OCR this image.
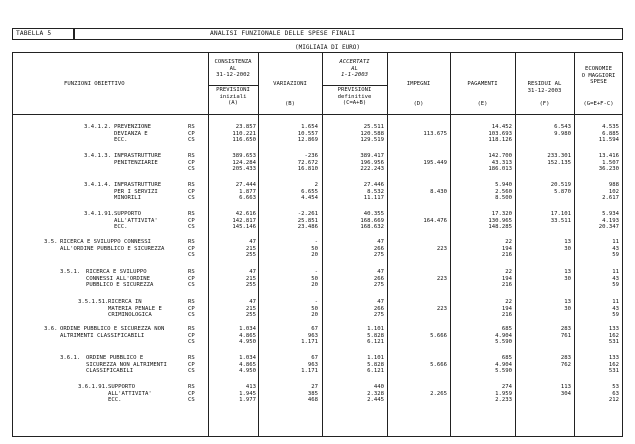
TABELLA 5	ANALISI FUNZIONALE DELLE SPESE FINALI
(MIGLIAIA DI EURO)
FUNZIONI OBIETTIVO
CONSISTENZA
AL
31-12-2002
PREVISIONI
iniziali
(A)
VARIAZIONI
(B)
ACCERTATI
AL
1-1-2003
PREVISIONI
definitive
(C=A+B)
IMPEGNI
(D)
PAGAMENTI
(E)
RESIDUI AL
31-12-2003
(F)
ECONOMIE
O MAGGIORI
SPESE
(G=E+F-C)
3.4.1.2. PREVENZIONE
DEVIANZA E
ECC.
RS
CP
CS
23.857
110.221
116.650
1.654
10.557
12.869
25.511
120.588
129.519
113.675
14.452
103.693
118.126
6.543
9.980
4.535
6.885
11.594
3.4.1.3. INFRASTRUTTURE
PENITENZIARIE
RS
CP
CS
389.653
124.284
205.433
-236
72.672
16.810
389.417
196.956
222.243
195.449
142.700
43.313
186.013
233.301
152.135
13.416
1.507
36.230
3.4.1.4. INFRASTRUTTURE
PER I SERVIZI
MINORILI
RS
CP
CS
27.444
1.877
6.663
2
6.655
4.454
27.446
8.532
11.117
8.430
5.940
2.560
8.500
20.519
5.870
988
102
2.617
3.4.1.91. SUPPORTO
ALL'ATTIVITA'
ECC.
RS
CP
CS
42.616
142.817
145.146
-2.261
25.851
23.486
40.355
168.669
168.632
164.476
17.320
130.965
148.285
17.101
33.511
5.934
4.193
20.347
3.5. RICERCA E SVILUPPO CONNESSI
ALL'ORDINE PUBBLICO E SICUREZZA
RS
CP
CS
47
215
255
-
50
20
47
266
275
223
22
194
216
13
30
11
43
59
3.5.1. RICERCA E SVILUPPO
CONNESSI ALL'ORDINE
PUBBLICO E SICUREZZA
RS
CP
CS
47
215
255
-
50
20
47
266
275
223
22
194
216
13
30
11
43
59
3.5.1.51. RICERCA IN
MATERIA PENALE E
CRIMINOLOGICA
RS
CP
CS
47
215
255
-
50
20
47
266
275
223
22
194
216
13
30
11
43
59
3.6. ORDINE PUBBLICO E SICUREZZA NON
ALTRIMENTI CLASSIFICABILI
RS
CP
CS
1.034
4.865
4.950
67
963
1.171
1.101
5.828
6.121
5.666
685
4.904
5.590
283
761
133
162
531
3.6.1. ORDINE PUBBLICO E
SICUREZZA NON ALTRIMENTI
CLASSIFICABILI
RS
CP
CS
1.034
4.865
4.950
67
963
1.171
1.101
5.828
6.121
5.666
685
4.904
5.590
283
762
133
162
531
3.6.1.91. SUPPORTO
ALL'ATTIVITA'
ECC.
RS
CP
CS
413
1.945
1.977
27
385
468
440
2.328
2.445
2.265
274
1.959
2.233
113
304
53
63
212
